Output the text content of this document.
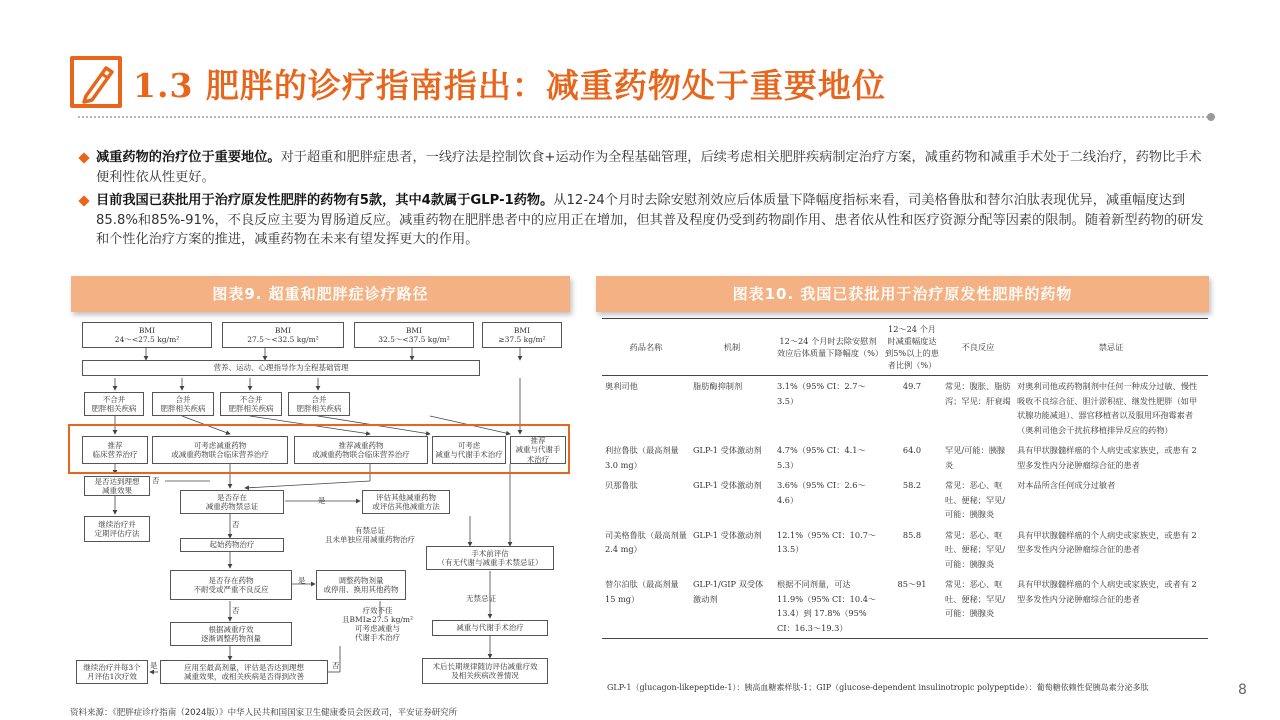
1.3 肥胖的诊疗指南指出：减重药物处于重要地位
减重药物的治疗位于重要地位。对于超重和肥胖症患者，一线疗法是控制饮食+运动作为全程基础管理，后续考虑相关肥胖疾病制定治疗方案，减重药物和减重手术处于二线治疗，药物比手术便利性依从性更好。
目前我国已获批用于治疗原发性肥胖的药物有5款，其中4款属于GLP-1药物。从12-24个月时去除安慰剂效应后体质量下降幅度指标来看，司美格鲁肽和替尔泊肽表现优异，减重幅度达到85.8%和85%-91%，不良反应主要为胃肠道反应。减重药物在肥胖患者中的应用正在增加，但其普及程度仍受到药物副作用、患者依从性和医疗资源分配等因素的限制。随着新型药物的研发和个性化治疗方案的推进，减重药物在未来有望发挥更大的作用。
图表9. 超重和肥胖症诊疗路径	图表10. 我国已获批用于治疗原发性肥胖的药物
BMI
24～<27.5 kg/m²
BMI
27.5～<32.5 kg/m²
BMI
32.5～<37.5 kg/m²
BMI
≥37.5 kg/m²
营养、运动、心理指导作为全程基础管理
不合并
肥胖相关疾病
合并
肥胖相关疾病
不合并
肥胖相关疾病
合并
肥胖相关疾病
推荐
临床营养治疗
可考虑减重药物
或减重药物联合临床营养治疗
推荐减重药物
或减重药物联合临床营养治疗
可考虑
减重与代谢手术治疗
推荐
减重与代谢手术治疗
是否达到理想
减重效果
否
继续治疗并
定期评估疗法
是否存在
减重药物禁忌证
是	评估其他减重药物
或评估其他减重方法
否
有禁忌证
且未单独应用减重药物治疗
起始药物治疗
手术前评估
（有无代谢与减重手术禁忌证）
是否存在药物
不耐受或严重不良反应
是	调整药物剂量
或停用、换用其他药物
无禁忌证
否	疗效不佳
且BMI≥27.5 kg/m²
可考虑减重与
代谢手术治疗
根据减重疗效
逐渐调整药物剂量
减重与代谢手术治疗
继续治疗并每3个
月评估1次疗效
是	应用至最高剂量，评估是否达到理想
减重效果，或相关疾病是否得到改善
否	术后长期规律随访评估减重疗效
及相关疾病改善情况
药品名称	机制	12～24 个月时去除安慰剂效应后体质量下降幅度（%）	12～24 个月时减重幅度达到5%以上的患者比例（%）	不良反应	禁忌证
奥利司他	脂肪酶抑制剂	3.1%（95% CI：2.7～3.5）	49.7	常见：腹胀、脂肪泻；罕见：肝衰竭	对奥利司他或药物制剂中任何一种成分过敏、慢性吸收不良综合征、胆汁淤积症、继发性肥胖（如甲状腺功能减退）、器官移植者以及服用环孢霉素者（奥利司他会干扰抗移植排异反应的药物）
利拉鲁肽（最高剂量 3.0 mg）	GLP-1 受体激动剂	4.7%（95% CI：4.1～5.3）	64.0	罕见/可能：胰腺炎	具有甲状腺髓样癌的个人病史或家族史，或患有 2 型多发性内分泌肿瘤综合征的患者
贝那鲁肽	GLP-1 受体激动剂	3.6%（95% CI：2.6～4.6）	58.2	常见：恶心、呕吐、便秘；罕见/可能：胰腺炎	对本品所含任何成分过敏者
司美格鲁肽（最高剂量 2.4 mg）	GLP-1 受体激动剂	12.1%（95% CI：10.7～13.5）	85.8	常见：恶心、呕吐、便秘；罕见/可能：胰腺炎	具有甲状腺髓样癌的个人病史或家族史，或患有 2 型多发性内分泌肿瘤综合征的患者
替尔泊肽（最高剂量 15 mg）	GLP-1/GIP 双受体激动剂	根据不同剂量，可达 11.9%（95% CI：10.4～13.4）到 17.8%（95% CI：16.3～19.3）	85～91	常见：恶心、呕吐、便秘；罕见/可能：胰腺炎	具有甲状腺髓样癌的个人病史或家族史，或者有 2 型多发性内分泌肿瘤综合征的患者
GLP-1（glucagon-likepeptide-1）：胰高血糖素样肽-1；GIP（glucose-dependent insulinotropic polypeptide）：葡萄糖依赖性促胰岛素分泌多肽
资料来源：《肥胖症诊疗指南（2024版）》中华人民共和国国家卫生健康委员会医政司，平安证券研究所
8
